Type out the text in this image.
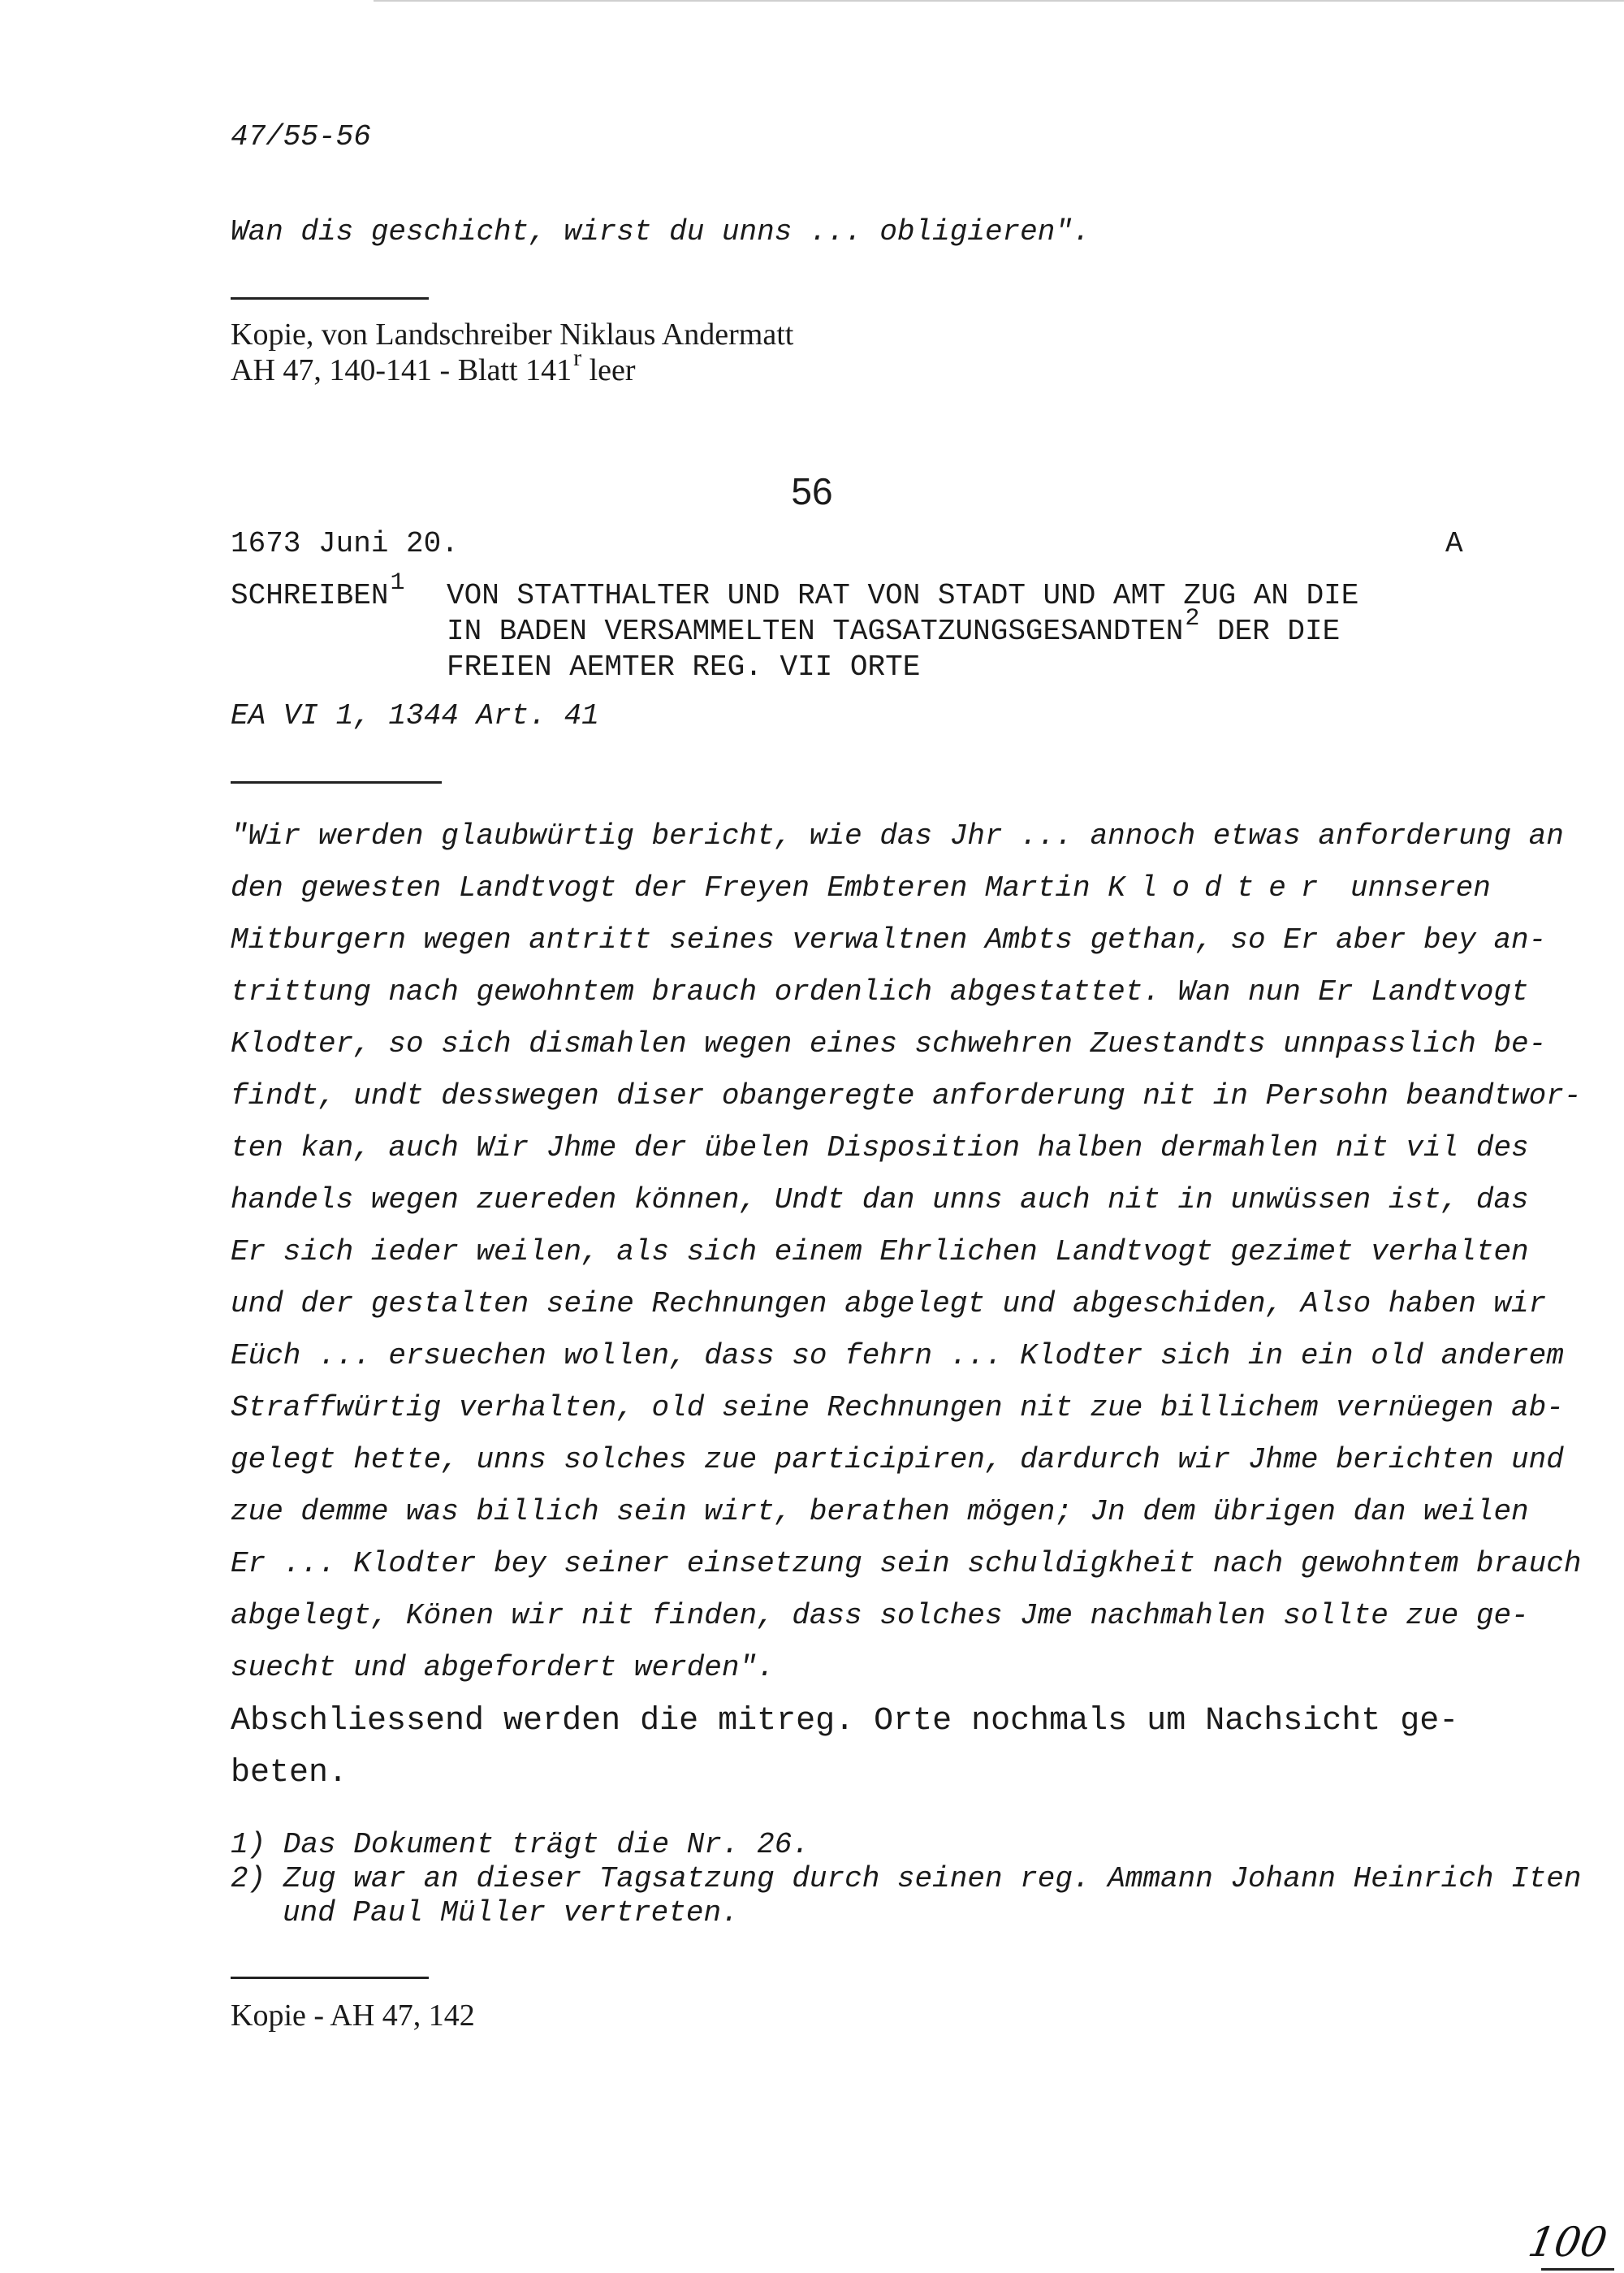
47/55-56
Wan dis geschicht, wirst du unns ... obligieren".
Kopie, von Landschreiber Niklaus Andermatt
AH 47, 140-141 - Blatt 141$^r$ leer
56
1673 Juni 20.	A
SCHREIBEN$^1$ VON STATTHALTER UND RAT VON STADT UND AMT ZUG AN DIE
IN BADEN VERSAMMELTEN TAGSATZUNGSGESANDTEN$^2$ DER DIE
FREIEN AEMTER REG. VII ORTE
EA VI 1, 1344 Art. 41
"Wir werden glaubwürtig bericht, wie das Jhr ... annoch etwas anforderung an
den gewesten Landtvogt der Freyen Embteren Martin Klodter unnseren
Mitburgern wegen antritt seines verwaltnen Ambts gethan, so Er aber bey an-
trittung nach gewohntem brauch ordenlich abgestattet. Wan nun Er Landtvogt
Klodter, so sich dismahlen wegen eines schwehren Zuestandts unnpasslich be-
findt, undt desswegen diser obangeregte anforderung nit in Persohn beandtwor-
ten kan, auch Wir Jhme der übelen Disposition halben dermahlen nit vil des
handels wegen zuereden können, Undt dan unns auch nit in unwüssen ist, das
Er sich ieder weilen, als sich einem Ehrlichen Landtvogt gezimet verhalten
und der gestalten seine Rechnungen abgelegt und abgeschiden, Also haben wir
Eüch ... ersuechen wollen, dass so fehrn ... Klodter sich in ein old anderem
Straffwürtig verhalten, old seine Rechnungen nit zue billichem vernüegen ab-
gelegt hette, unns solches zue participiren, dardurch wir Jhme berichten und
zue demme was billich sein wirt, berathen mögen; Jn dem übrigen dan weilen
Er ... Klodter bey seiner einsetzung sein schuldigkheit nach gewohntem brauch
abgelegt, Könen wir nit finden, dass solches Jme nachmahlen sollte zue ge-
suecht und abgefordert werden".
Abschliessend werden die mitreg. Orte nochmals um Nachsicht ge-
beten.
1) Das Dokument trägt die Nr. 26.
2) Zug war an dieser Tagsatzung durch seinen reg. Ammann Johann Heinrich Iten
und Paul Müller vertreten.
Kopie - AH 47, 142
100
